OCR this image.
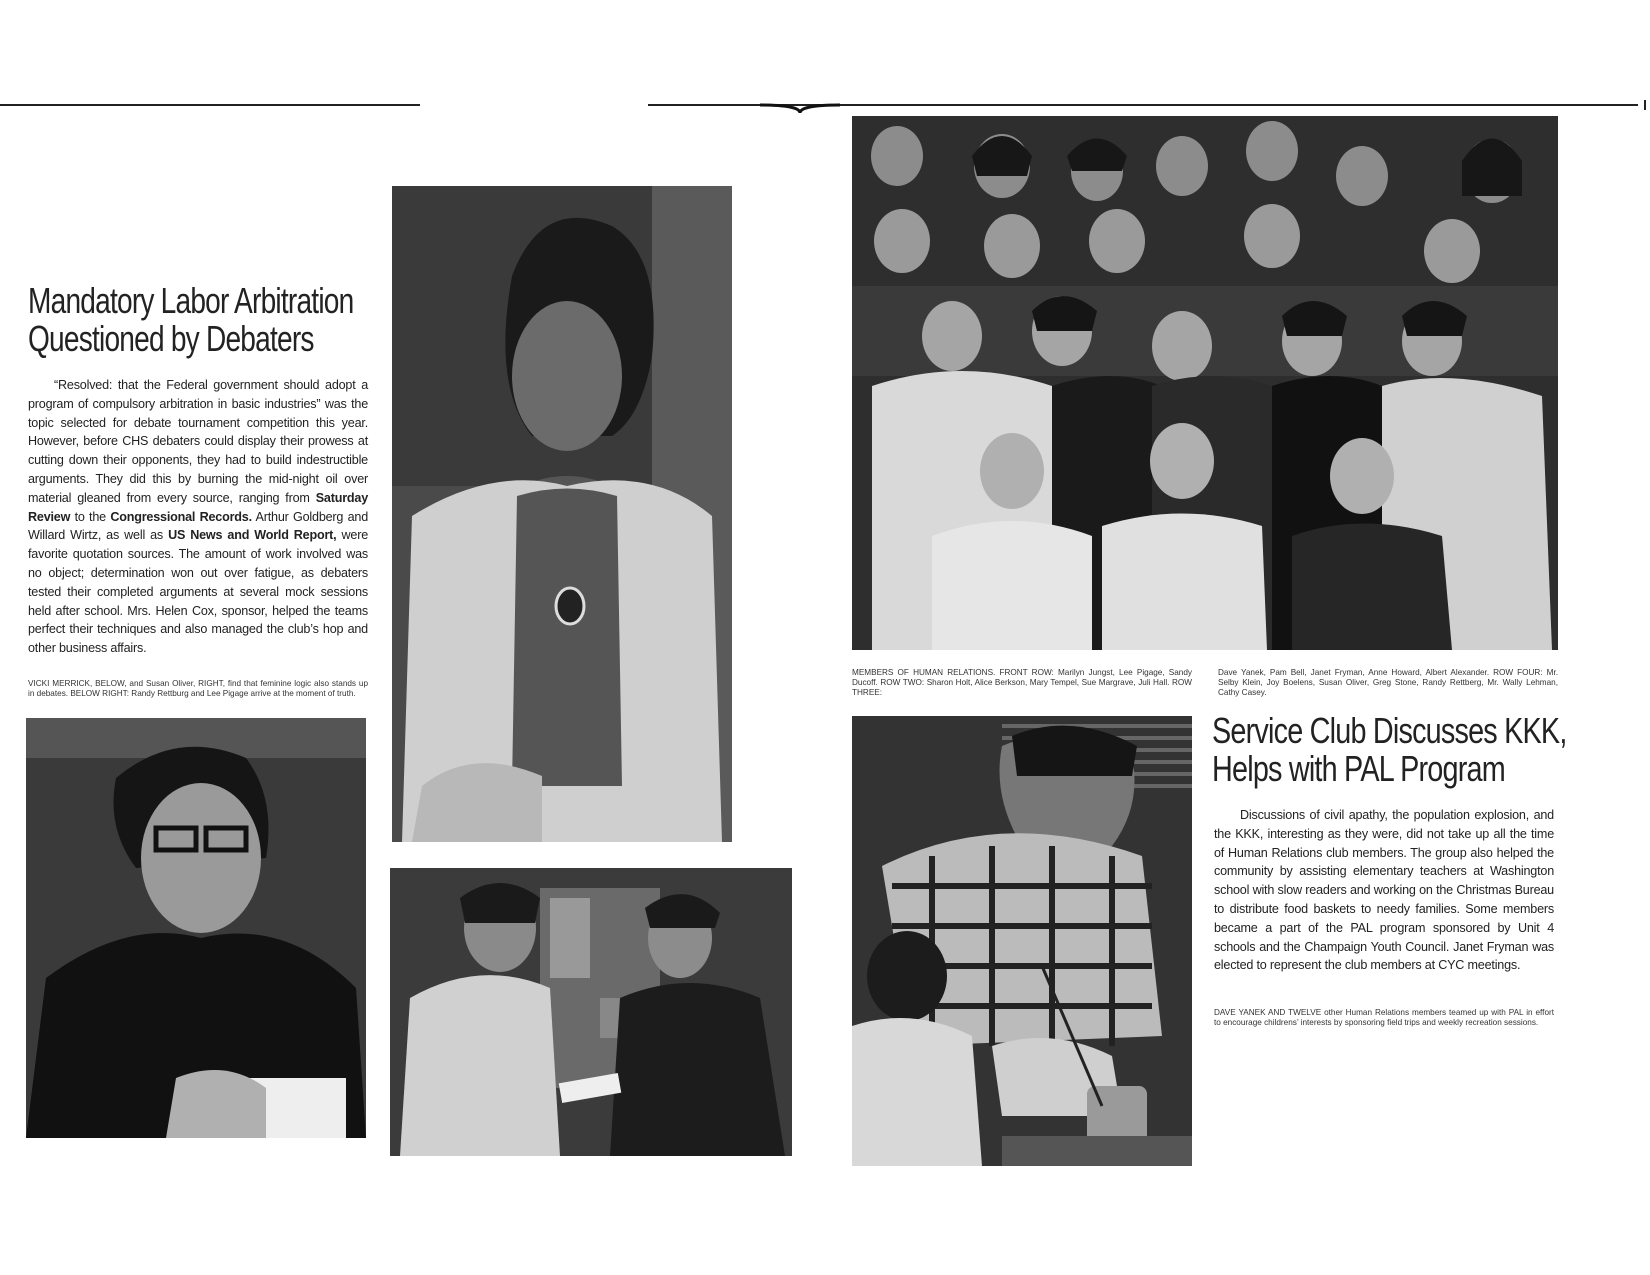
Mandatory Labor Arbitration
Questioned by Debaters

“Resolved: that the Federal government should adopt a program of compulsory arbitration in basic industries” was the topic selected for debate tournament competition this year. However, before CHS debaters could display their prowess at cutting down their opponents, they had to build indestructible arguments. They did this by burning the mid-night oil over material gleaned from every source, ranging from Saturday Review to the Congressional Records. Arthur Goldberg and Willard Wirtz, as well as US News and World Report, were favorite quotation sources. The amount of work involved was no object; determination won out over fatigue, as debaters tested their completed arguments at several mock sessions held after school. Mrs. Helen Cox, sponsor, helped the teams perfect their techniques and also managed the club’s hop and other business affairs.

VICKI MERRICK, BELOW, and Susan Oliver, RIGHT, find that feminine logic also stands up in debates. BELOW RIGHT: Randy Rettburg and Lee Pigage arrive at the moment of truth.
MEMBERS OF HUMAN RELATIONS. FRONT ROW: Marilyn Jungst, Lee Pigage, Sandy Ducoff. ROW TWO: Sharon Holt, Alice Berkson, Mary Tempel, Sue Margrave, Juli Hall. ROW THREE:
Dave Yanek, Pam Bell, Janet Fryman, Anne Howard, Albert Alexander. ROW FOUR: Mr. Selby Klein, Joy Boelens, Susan Oliver, Greg Stone, Randy Rettberg, Mr. Wally Lehman, Cathy Casey.
Service Club Discusses KKK,
Helps with PAL Program

Discussions of civil apathy, the population explosion, and the KKK, interesting as they were, did not take up all the time of Human Relations club members. The group also helped the community by assisting elementary teachers at Washington school with slow readers and working on the Christmas Bureau to distribute food baskets to needy families. Some members became a part of the PAL program sponsored by Unit 4 schools and the Champaign Youth Council. Janet Fryman was elected to represent the club members at CYC meetings.

DAVE YANEK AND TWELVE other Human Relations members teamed up with PAL in effort to encourage childrens’ interests by sponsoring field trips and weekly recreation sessions.
